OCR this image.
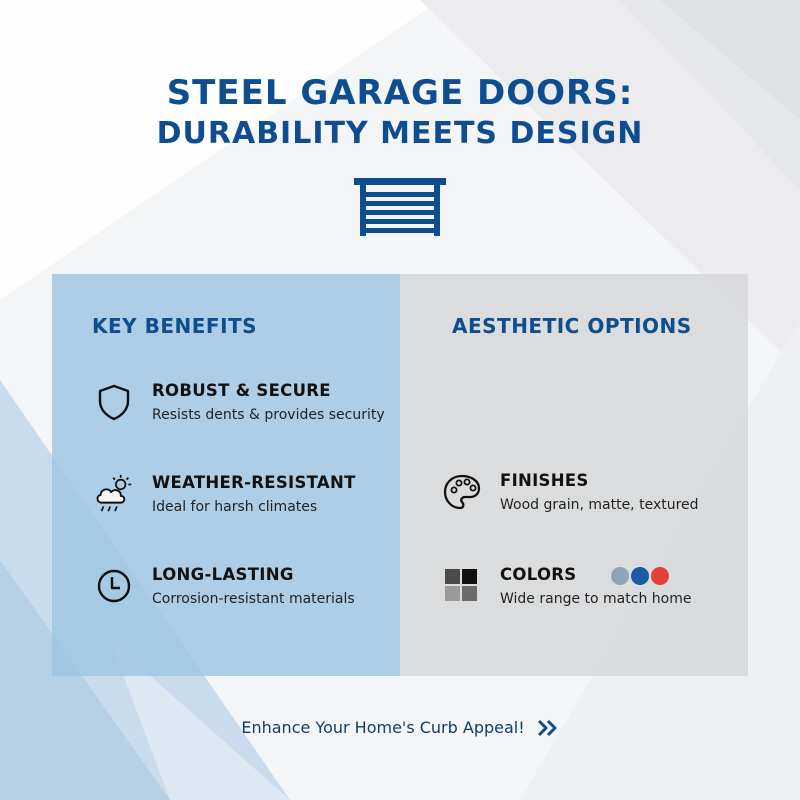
STEEL GARAGE DOORS:
DURABILITY MEETS DESIGN
KEY BENEFITS
ROBUST & SECURE
Resists dents & provides security
WEATHER-RESISTANT
Ideal for harsh climates
LONG-LASTING
Corrosion-resistant materials
AESTHETIC OPTIONS
FINISHES
Wood grain, matte, textured
COLORS
Wide range to match home
Enhance Your Home's Curb Appeal!
